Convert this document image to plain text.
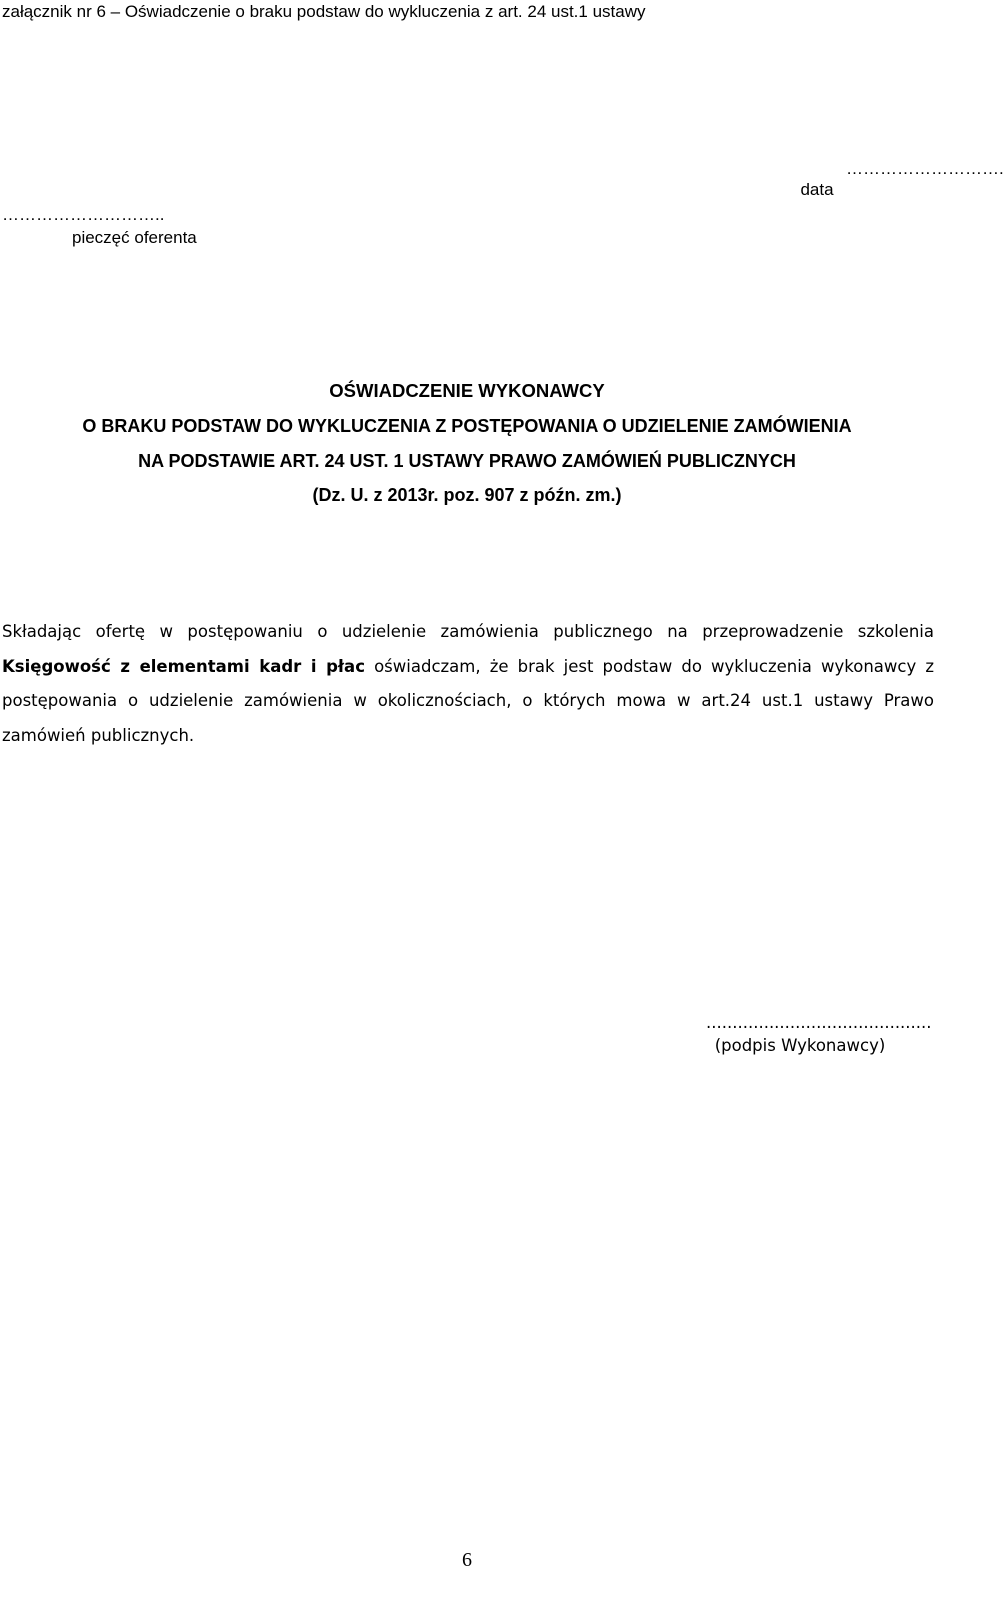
załącznik nr 6 – Oświadczenie o braku podstaw do wykluczenia z art. 24 ust.1 ustawy
……………………….
data
………………………..
pieczęć oferenta
OŚWIADCZENIE WYKONAWCY
O BRAKU PODSTAW DO WYKLUCZENIA Z POSTĘPOWANIA O UDZIELENIE ZAMÓWIENIA
NA PODSTAWIE ART. 24 UST. 1 USTAWY PRAWO ZAMÓWIEŃ PUBLICZNYCH
(Dz. U. z 2013r. poz. 907 z późn. zm.)
Składając ofertę w postępowaniu o udzielenie zamówienia publicznego na przeprowadzenie szkolenia Księgowość z elementami kadr i płac oświadczam, że brak jest podstaw do wykluczenia wykonawcy z postępowania o udzielenie zamówienia w okolicznościach, o których mowa w art.24 ust.1 ustawy Prawo zamówień publicznych.
...........................................
(podpis Wykonawcy)
6
